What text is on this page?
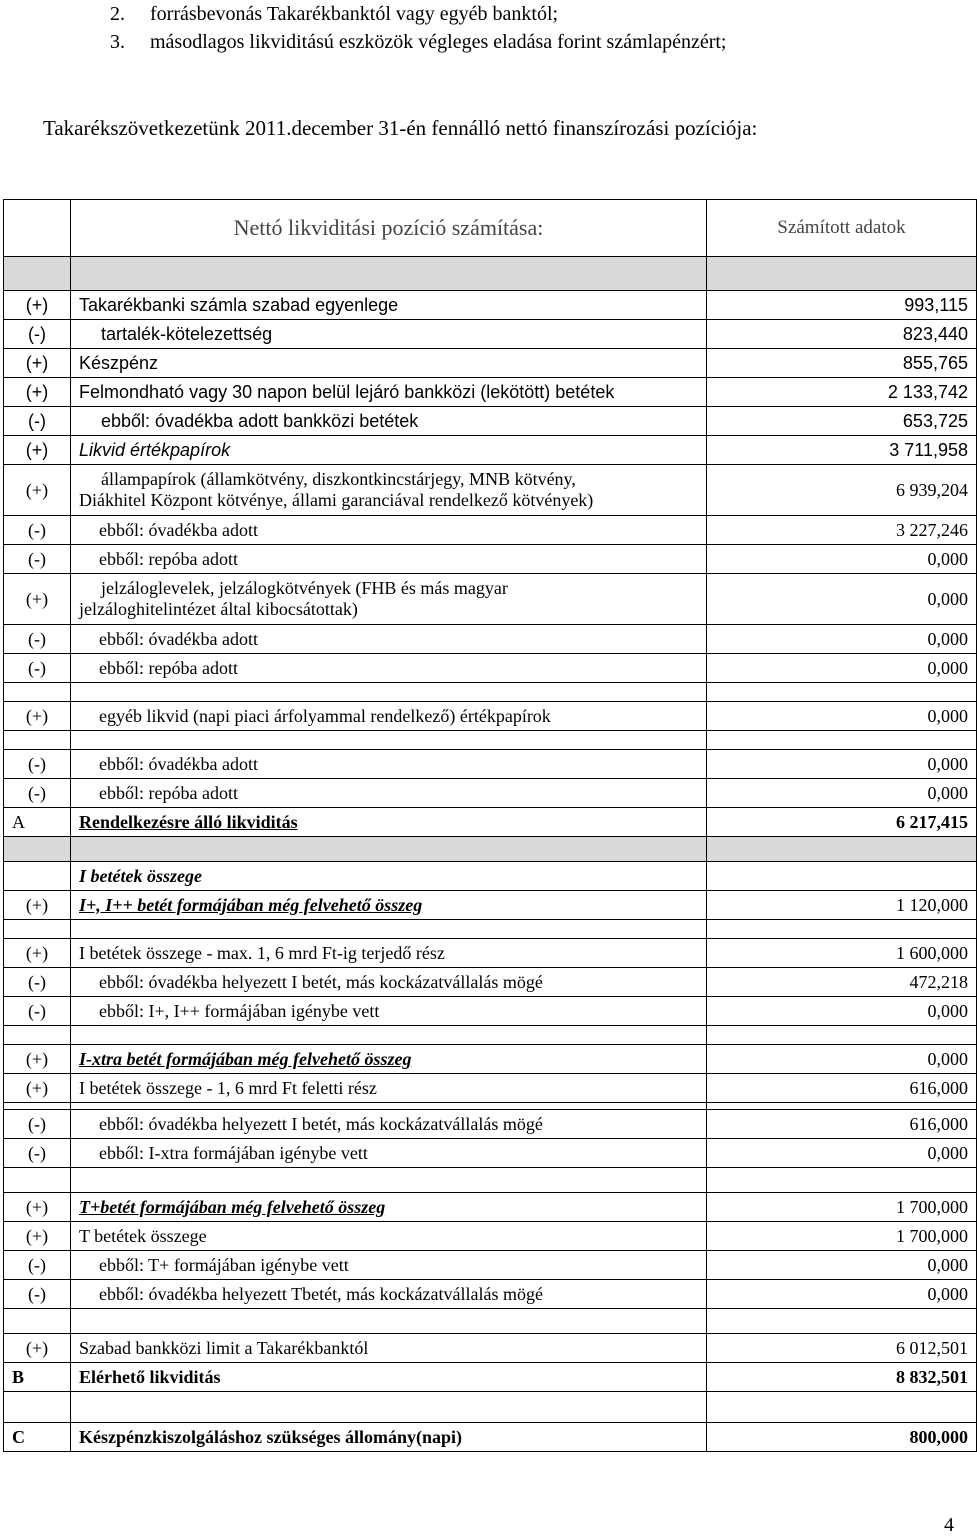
2.	forrásbevonás Takarékbanktól vagy egyéb banktól;
3.	másodlagos likviditású eszközök végleges eladása forint számlapénzért;
Takarékszövetkezetünk 2011.december 31-én fennálló nettó finanszírozási pozíciója:
	Nettó likviditási pozíció számítása:	Számított adatok

(+)	Takarékbanki számla szabad egyenlege	993,115
(-)	tartalék-kötelezettség	823,440
(+)	Készpénz	855,765
(+)	Felmondható vagy 30 napon belül lejáró bankközi (lekötött) betétek	2 133,742
(-)	ebből: óvadékba adott bankközi betétek	653,725
(+)	Likvid értékpapírok	3 711,958
(+)	állampapírok (államkötvény, diszkontkincstárjegy, MNB kötvény,
Diákhitel Központ kötvénye, állami garanciával rendelkező kötvények)	6 939,204
(-)	ebből: óvadékba adott	3 227,246
(-)	ebből: repóba adott	0,000
(+)	jelzáloglevelek, jelzálogkötvények (FHB és más magyar
jelzáloghitelintézet által kibocsátottak)	0,000
(-)	ebből: óvadékba adott	0,000
(-)	ebből: repóba adott	0,000

(+)	egyéb likvid (napi piaci árfolyammal rendelkező) értékpapírok	0,000

(-)	ebből: óvadékba adott	0,000
(-)	ebből: repóba adott	0,000
A	Rendelkezésre álló likviditás	6 217,415

	I betétek összege	
(+)	I+, I++ betét formájában még felvehető összeg	1 120,000

(+)	I betétek összege - max. 1, 6 mrd Ft-ig terjedő rész	1 600,000
(-)	ebből: óvadékba helyezett I betét, más kockázatvállalás mögé	472,218
(-)	ebből: I+, I++ formájában igénybe vett	0,000

(+)	I-xtra betét formájában még felvehető összeg	0,000
(+)	I betétek összege - 1, 6 mrd Ft feletti rész	616,000

(-)	ebből: óvadékba helyezett I betét, más kockázatvállalás mögé	616,000
(-)	ebből: I-xtra formájában igénybe vett	0,000

(+)	T+betét formájában még felvehető összeg	1 700,000
(+)	T betétek összege	1 700,000
(-)	ebből: T+ formájában igénybe vett	0,000
(-)	ebből: óvadékba helyezett Tbetét, más kockázatvállalás mögé	0,000

(+)	Szabad bankközi limit a Takarékbanktól	6 012,501
B	Elérhető likviditás	8 832,501

C	Készpénzkiszolgáláshoz szükséges állomány(napi)	800,000
4
